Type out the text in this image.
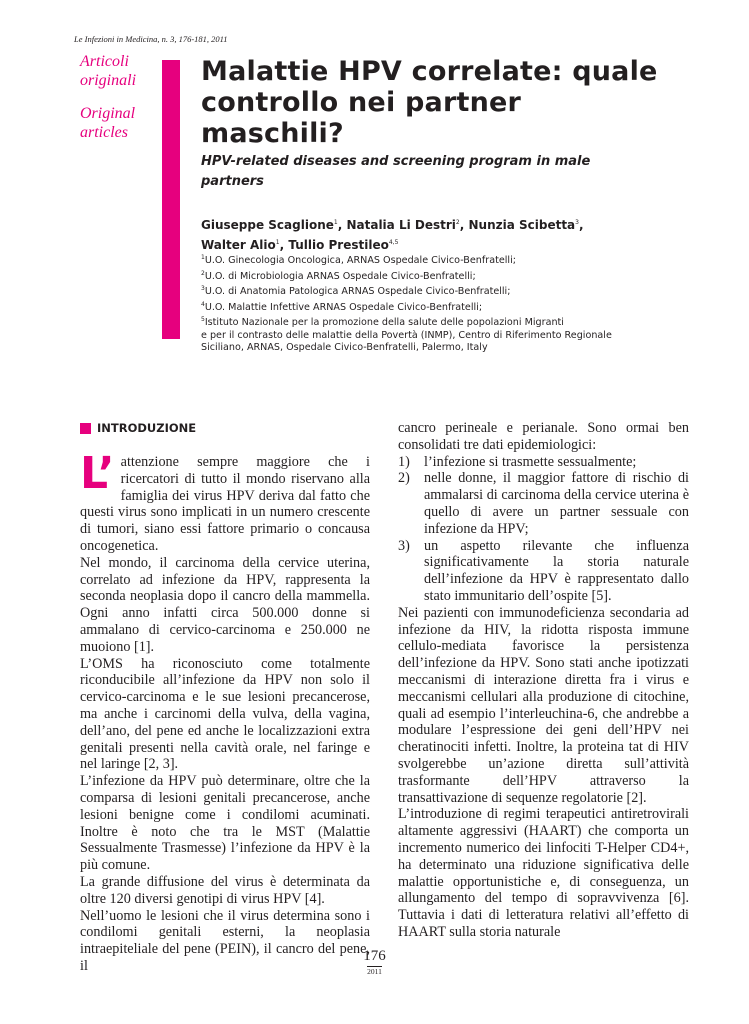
Le Infezioni in Medicina, n. 3, 176-181, 2011
Articoli
originali
Original
articles
Malattie HPV correlate: quale controllo nei partner maschili?
HPV-related diseases and screening program in male partners
Giuseppe Scaglione$^1$, Natalia Li Destri$^2$, Nunzia Scibetta$^3$,
Walter Alio$^1$, Tullio Prestileo$^{4,5}$
$^1$U.O. Ginecologia Oncologica, ARNAS Ospedale Civico-Benfratelli;
$^2$U.O. di Microbiologia ARNAS Ospedale Civico-Benfratelli;
$^3$U.O. di Anatomia Patologica ARNAS Ospedale Civico-Benfratelli;
$^4$U.O. Malattie Infettive ARNAS Ospedale Civico-Benfratelli;
$^5$Istituto Nazionale per la promozione della salute delle popolazioni Migranti
e per il contrasto delle malattie della Povertà (INMP), Centro di Riferimento Regionale
Siciliano, ARNAS, Ospedale Civico-Benfratelli, Palermo, Italy
INTRODUZIONE

L’ attenzione sempre maggiore che i ricercatori di tutto il mondo riservano alla famiglia dei virus HPV deriva dal fatto che questi virus sono implicati in un numero crescente di tumori, siano essi fattore primario o concausa oncogenetica.

Nel mondo, il carcinoma della cervice uterina, correlato ad infezione da HPV, rappresenta la seconda neoplasia dopo il cancro della mammella. Ogni anno infatti circa 500.000 donne si ammalano di cervico-carcinoma e 250.000 ne muoiono [1].

L’OMS ha riconosciuto come totalmente riconducibile all’infezione da HPV non solo il cervico-carcinoma e le sue lesioni precancerose, ma anche i carcinomi della vulva, della vagina, dell’ano, del pene ed anche le localizzazioni extra genitali presenti nella cavità orale, nel faringe e nel laringe [2, 3].

L’infezione da HPV può determinare, oltre che la comparsa di lesioni genitali precancerose, anche lesioni benigne come i condilomi acuminati. Inoltre è noto che tra le MST (Malattie Sessualmente Trasmesse) l’infezione da HPV è la più comune.

La grande diffusione del virus è determinata da oltre 120 diversi genotipi di virus HPV [4].

Nell’uomo le lesioni che il virus determina sono i condilomi genitali esterni, la neoplasia intraepiteliale del pene (PEIN), il cancro del pene, il

cancro perineale e perianale. Sono ormai ben consolidati tre dati epidemiologici:

1) l’infezione si trasmette sessualmente;
2) nelle donne, il maggior fattore di rischio di ammalarsi di carcinoma della cervice uterina è quello di avere un partner sessuale con infezione da HPV;
3) un aspetto rilevante che influenza significativamente la storia naturale dell’infezione da HPV è rappresentato dallo stato immunitario dell’ospite [5].

Nei pazienti con immunodeficienza secondaria ad infezione da HIV, la ridotta risposta immune cellulo-mediata favorisce la persistenza dell’infezione da HPV. Sono stati anche ipotizzati meccanismi di interazione diretta fra i virus e meccanismi cellulari alla produzione di citochine, quali ad esempio l’interleuchina-6, che andrebbe a modulare l’espressione dei geni dell’HPV nei cheratinociti infetti. Inoltre, la proteina tat di HIV svolgerebbe un’azione diretta sull’attività trasformante dell’HPV attraverso la transattivazione di sequenze regolatorie [2].

L’introduzione di regimi terapeutici antiretrovirali altamente aggressivi (HAART) che comporta un incremento numerico dei linfociti T-Helper CD4+, ha determinato una riduzione significativa delle malattie opportunistiche e, di conseguenza, un allungamento del tempo di sopravvivenza [6]. Tuttavia i dati di letteratura relativi all’effetto di HAART sulla storia naturale

176
2011
